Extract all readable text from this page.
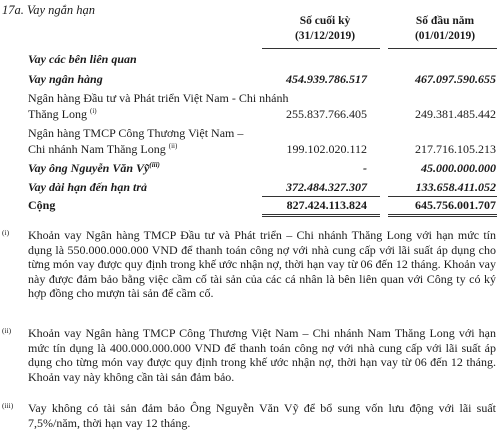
17a. Vay ngắn hạn
Số cuối kỳ
(31/12/2019)
Số đầu năm
(01/01/2019)
Vay các bên liên quan
Vay ngân hàng	454.939.786.517	467.097.590.655
Ngân hàng Đầu tư và Phát triển Việt Nam - Chi nhánh
Thăng Long $^{(i)}$	255.837.766.405	249.381.485.442
Ngân hàng TMCP Công Thương Việt Nam –
Chi nhánh Nam Thăng Long $^{(ii)}$	199.102.020.112	217.716.105.213
Vay ông Nguyễn Văn Vỹ$^{(iii)}$	-	45.000.000.000
Vay dài hạn đến hạn trả	372.484.327.307	133.658.411.052
Cộng	827.424.113.824	645.756.001.707
(i) Khoản vay Ngân hàng TMCP Đầu tư và Phát triển – Chi nhánh Thăng Long với hạn mức tín dụng là 550.000.000.000 VND để thanh toán công nợ với nhà cung cấp với lãi suất áp dụng cho từng món vay được quy định trong khế ước nhận nợ, thời hạn vay từ 06 đến 12 tháng. Khoản vay này được đảm bảo bằng việc cầm cố tài sản của các cá nhân là bên liên quan với Công ty có ký hợp đồng cho mượn tài sản để cầm cố.
(ii) Khoản vay Ngân hàng TMCP Công Thương Việt Nam – Chi nhánh Nam Thăng Long với hạn mức tín dụng là 400.000.000.000 VND để thanh toán công nợ với nhà cung cấp với lãi suất áp dụng cho từng món vay được quy định trong khế ước nhận nợ, thời hạn vay từ 06 đến 12 tháng. Khoản vay này không cần tài sản đảm bảo.
(iii) Vay không có tài sản đảm bảo Ông Nguyễn Văn Vỹ để bổ sung vốn lưu động với lãi suất 7,5%/năm, thời hạn vay 12 tháng.
